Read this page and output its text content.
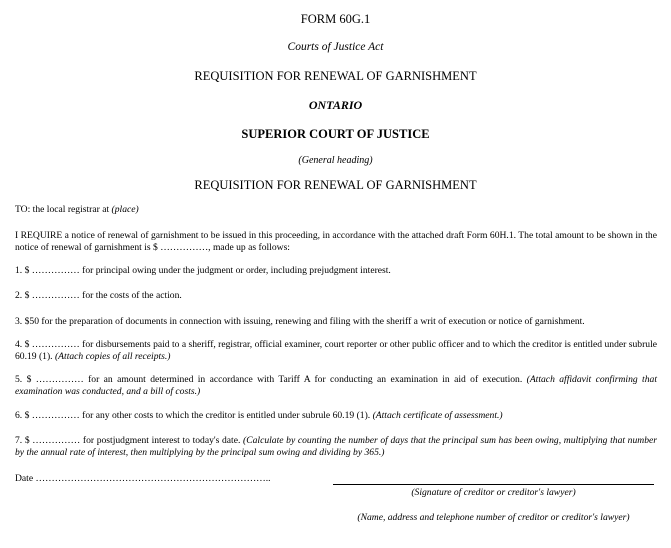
FORM 60G.1
Courts of Justice Act
REQUISITION FOR RENEWAL OF GARNISHMENT
ONTARIO
SUPERIOR COURT OF JUSTICE
(General heading)
REQUISITION FOR RENEWAL OF GARNISHMENT
TO: the local registrar at (place)
I REQUIRE a notice of renewal of garnishment to be issued in this proceeding, in accordance with the attached draft Form 60H.1. The total amount to be shown in the notice of renewal of garnishment is $ ……………, made up as follows:
1. $ …………… for principal owing under the judgment or order, including prejudgment interest.
2. $ …………… for the costs of the action.
3. $50 for the preparation of documents in connection with issuing, renewing and filing with the sheriff a writ of execution or notice of garnishment.
4. $ …………… for disbursements paid to a sheriff, registrar, official examiner, court reporter or other public officer and to which the creditor is entitled under subrule 60.19 (1). (Attach copies of all receipts.)
5. $ …………… for an amount determined in accordance with Tariff A for conducting an examination in aid of execution. (Attach affidavit confirming that examination was conducted, and a bill of costs.)
6. $ …………… for any other costs to which the creditor is entitled under subrule 60.19 (1). (Attach certificate of assessment.)
7. $ …………… for postjudgment interest to today's date. (Calculate by counting the number of days that the principal sum has been owing, multiplying that number by the annual rate of interest, then multiplying by the principal sum owing and dividing by 365.)
Date ………………………………………………………………..
(Signature of creditor or creditor's lawyer)
(Name, address and telephone number of creditor or creditor's lawyer)
